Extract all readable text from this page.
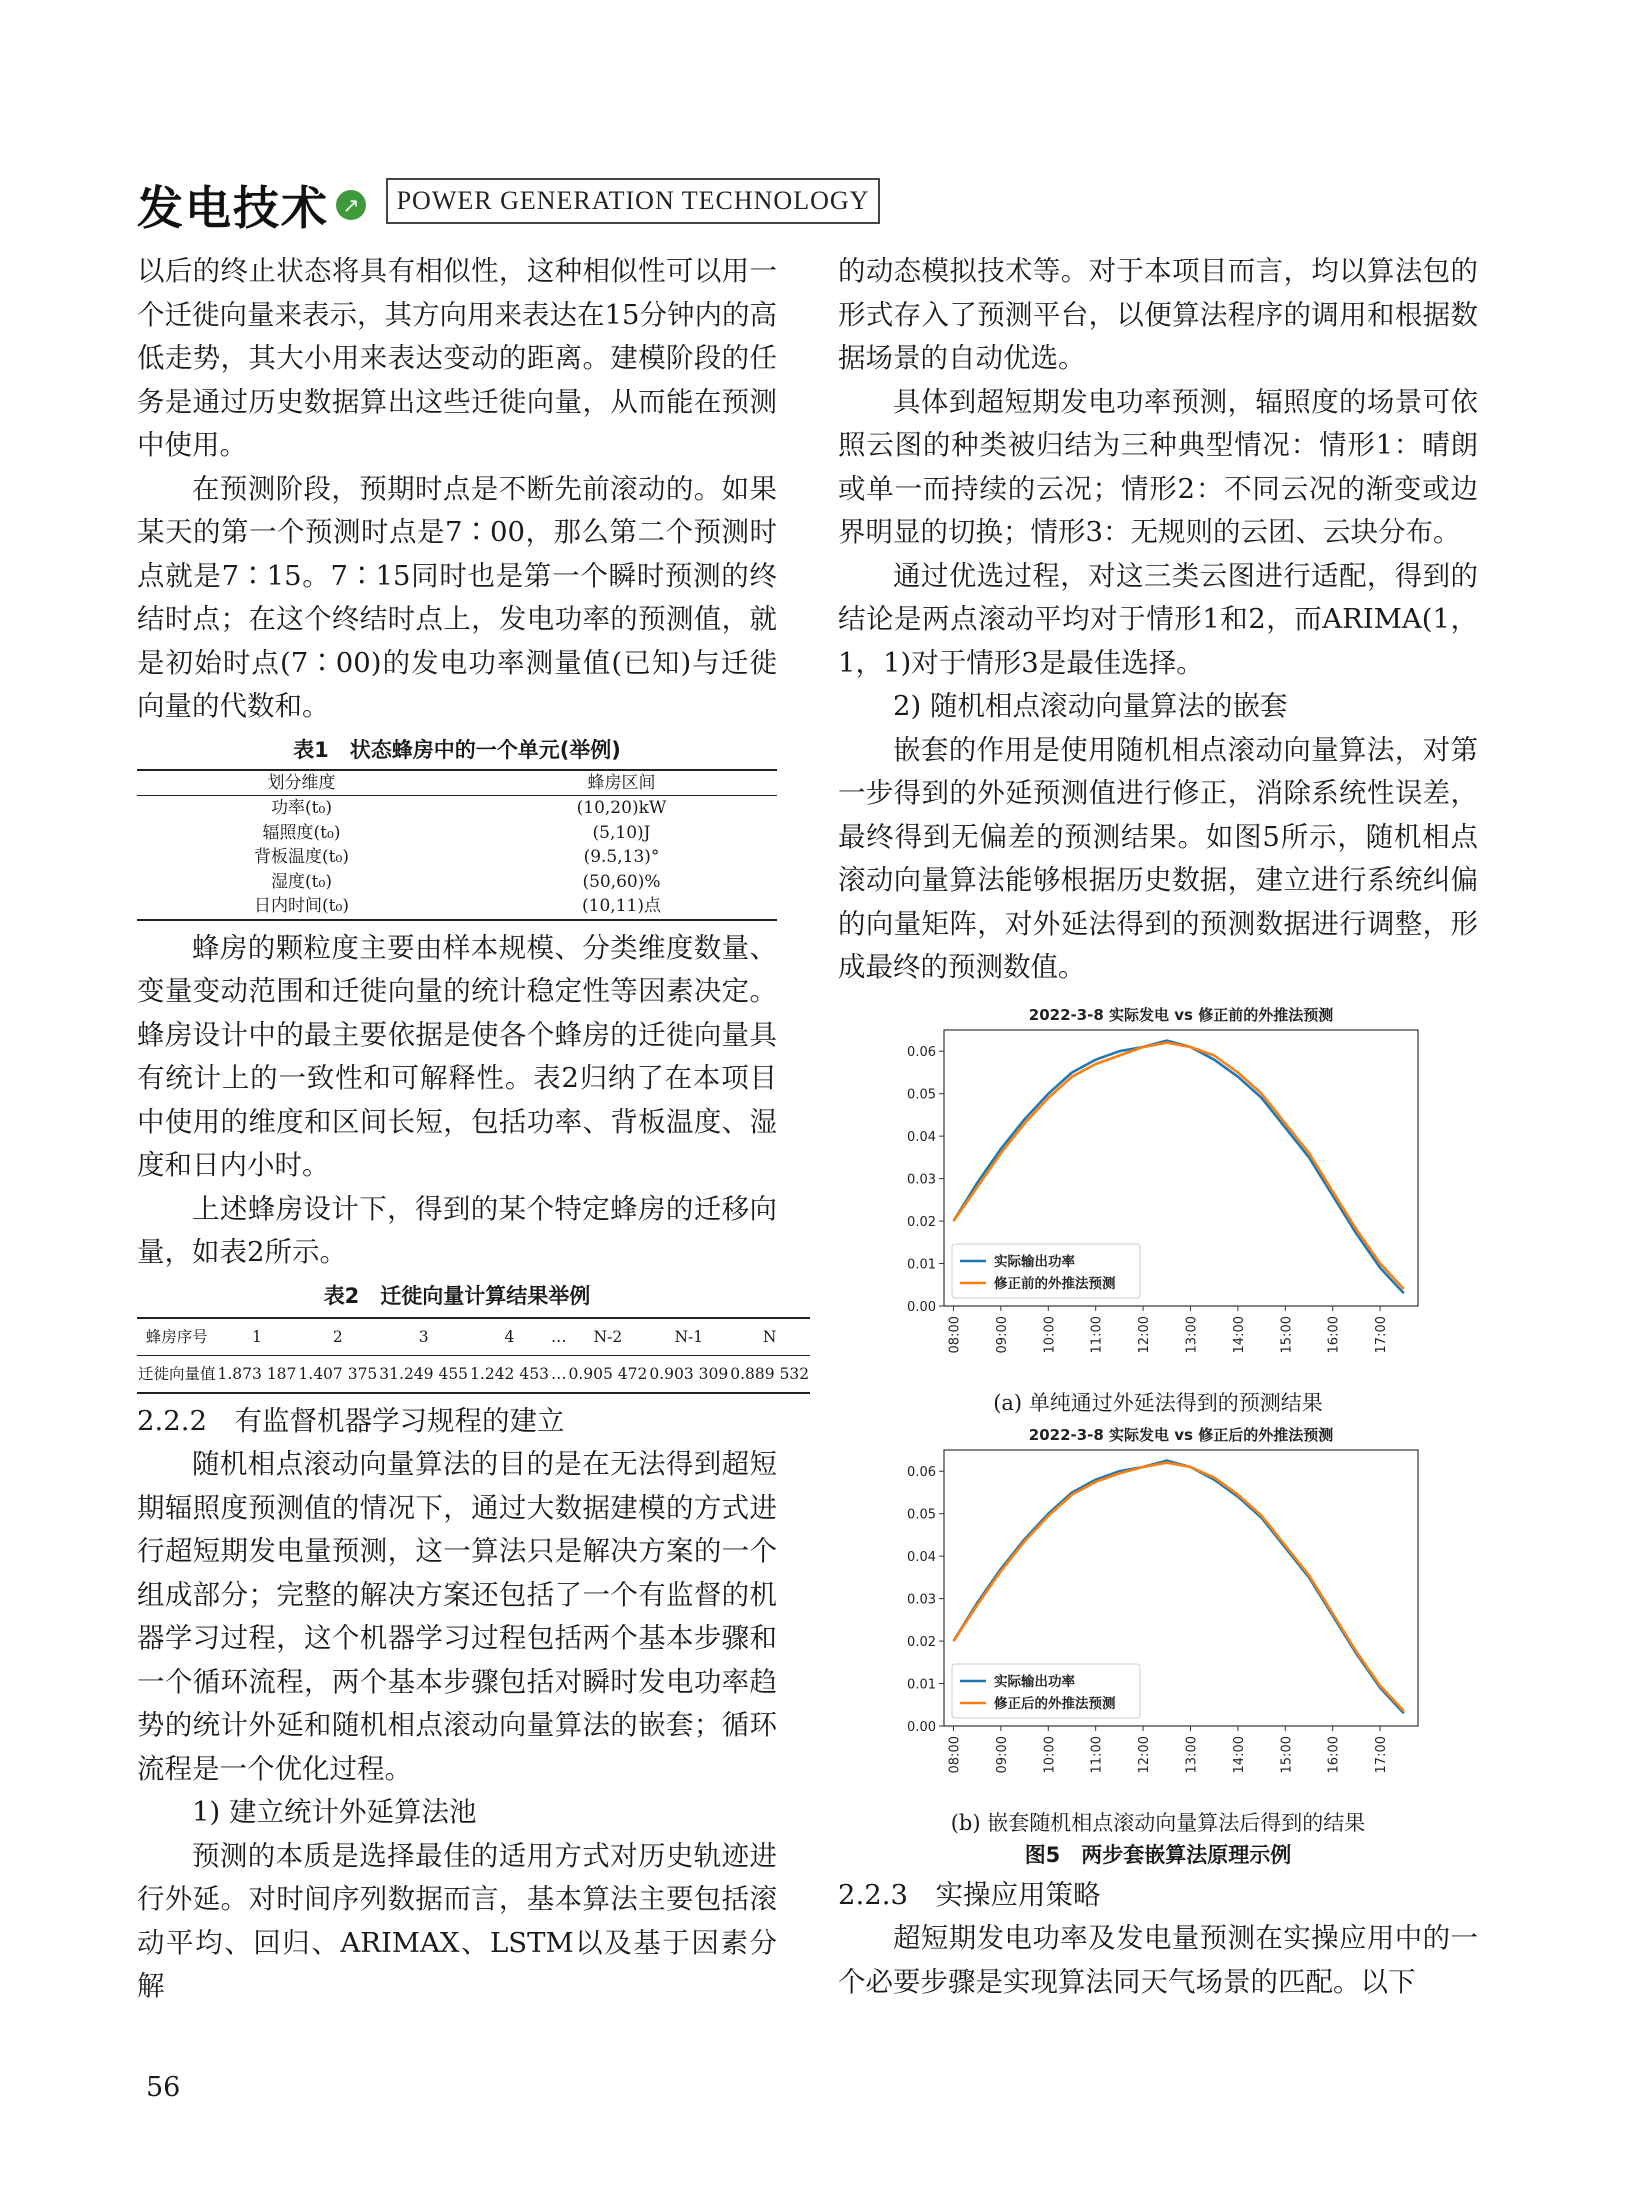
发电技术 ↗	POWER GENERATION TECHNOLOGY

以后的终止状态将具有相似性，这种相似性可以用一个迁徙向量来表示，其方向用来表达在15分钟内的高低走势，其大小用来表达变动的距离。建模阶段的任务是通过历史数据算出这些迁徙向量，从而能在预测中使用。

在预测阶段，预期时点是不断先前滚动的。如果某天的第一个预测时点是7∶00，那么第二个预测时点就是7∶15。7∶15同时也是第一个瞬时预测的终结时点；在这个终结时点上，发电功率的预测值，就是初始时点(7∶00)的发电功率测量值(已知)与迁徙向量的代数和。

表1　状态蜂房中的一个单元(举例)
划分维度	蜂房区间
功率(t₀)	(10,20)kW
辐照度(t₀)	(5,10)J
背板温度(t₀)	(9.5,13)°
湿度(t₀)	(50,60)%
日内时间(t₀)	(10,11)点

蜂房的颗粒度主要由样本规模、分类维度数量、变量变动范围和迁徙向量的统计稳定性等因素决定。蜂房设计中的最主要依据是使各个蜂房的迁徙向量具有统计上的一致性和可解释性。表2归纳了在本项目中使用的维度和区间长短，包括功率、背板温度、湿度和日内小时。

上述蜂房设计下，得到的某个特定蜂房的迁移向量，如表2所示。

表2　迁徙向量计算结果举例
蜂房序号	1	2	3	4	…	N-2	N-1	N
迁徙向量值	1.873 187	1.407 375	31.249 455	1.242 453	…	0.905 472	0.903 309	0.889 532
2.2.2　有监督机器学习规程的建立

随机相点滚动向量算法的目的是在无法得到超短期辐照度预测值的情况下，通过大数据建模的方式进行超短期发电量预测，这一算法只是解决方案的一个组成部分；完整的解决方案还包括了一个有监督的机器学习过程，这个机器学习过程包括两个基本步骤和一个循环流程，两个基本步骤包括对瞬时发电功率趋势的统计外延和随机相点滚动向量算法的嵌套；循环流程是一个优化过程。

1) 建立统计外延算法池

预测的本质是选择最佳的适用方式对历史轨迹进行外延。对时间序列数据而言，基本算法主要包括滚动平均、回归、ARIMAX、LSTM以及基于因素分解

的动态模拟技术等。对于本项目而言，均以算法包的形式存入了预测平台，以便算法程序的调用和根据数据场景的自动优选。

具体到超短期发电功率预测，辐照度的场景可依照云图的种类被归结为三种典型情况：情形1：晴朗或单一而持续的云况；情形2：不同云况的渐变或边界明显的切换；情形3：无规则的云团、云块分布。

通过优选过程，对这三类云图进行适配，得到的结论是两点滚动平均对于情形1和2，而ARIMA(1，1，1)对于情形3是最佳选择。

2) 随机相点滚动向量算法的嵌套

嵌套的作用是使用随机相点滚动向量算法，对第一步得到的外延预测值进行修正，消除系统性误差，最终得到无偏差的预测结果。如图5所示，随机相点滚动向量算法能够根据历史数据，建立进行系统纠偏的向量矩阵，对外延法得到的预测数据进行调整，形成最终的预测数值。

2022-3-8 实际发电 vs 修正前的外推法预测
0.00
0.01
0.02
0.03
0.04
0.05
0.06
08:00 09:00 10:00 11:00 12:00 13:00 14:00 15:00 16:00 17:00
实际输出功率
修正前的外推法预测
(a) 单纯通过外延法得到的预测结果
2022-3-8 实际发电 vs 修正后的外推法预测
0.00
0.01
0.02
0.03
0.04
0.05
0.06
08:00 09:00 10:00 11:00 12:00 13:00 14:00 15:00 16:00 17:00
实际输出功率
修正后的外推法预测
(b) 嵌套随机相点滚动向量算法后得到的结果
图5　两步套嵌算法原理示例
2.2.3　实操应用策略

超短期发电功率及发电量预测在实操应用中的一个必要步骤是实现算法同天气场景的匹配。以下

56
